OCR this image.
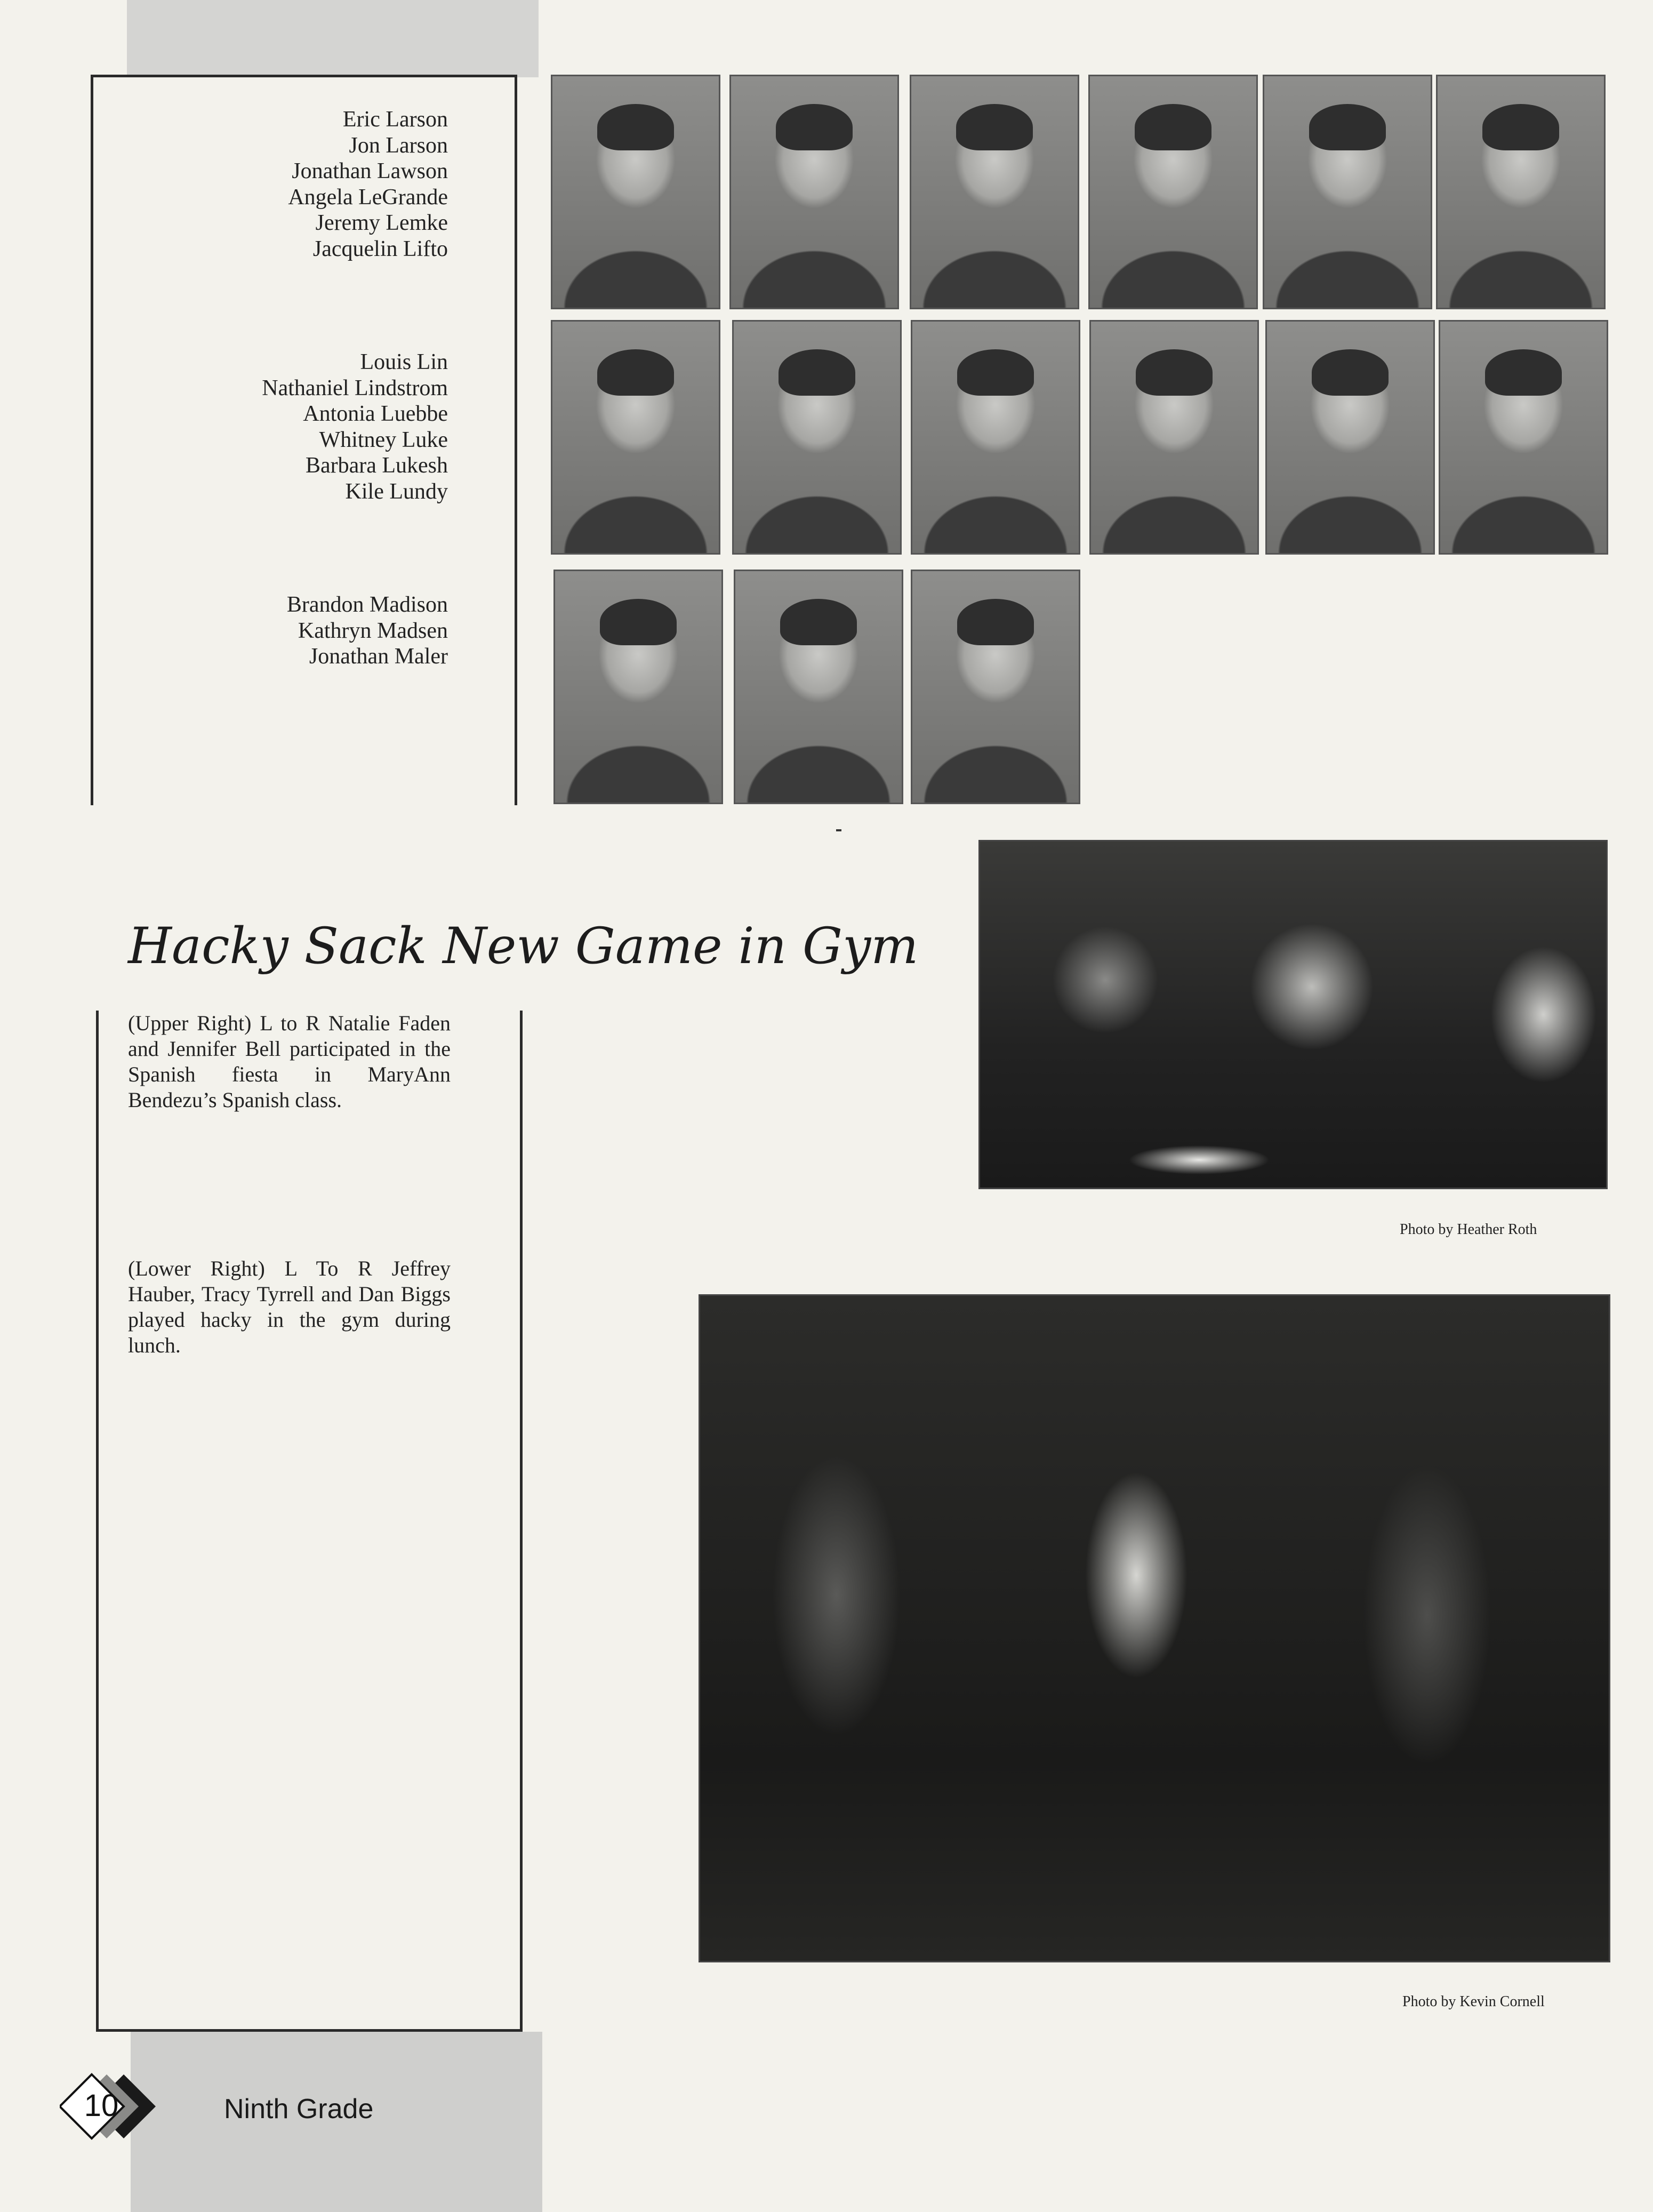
Eric Larson
Jon Larson
Jonathan Lawson
Angela LeGrande
Jeremy Lemke
Jacquelin Lifto
Louis Lin
Nathaniel Lindstrom
Antonia Luebbe
Whitney Luke
Barbara Lukesh
Kile Lundy
Brandon Madison
Kathryn Madsen
Jonathan Maler
Hacky Sack New Game in Gym
(Upper Right) L to R Natalie Faden and Jennifer Bell participated in the Spanish fiesta in MaryAnn Bendezu’s Spanish class.
(Lower Right) L To R Jeffrey Hauber, Tracy Tyrrell and Dan Biggs played hacky in the gym during lunch.
Photo by Heather Roth
Photo by Kevin Cornell
10	Ninth Grade
